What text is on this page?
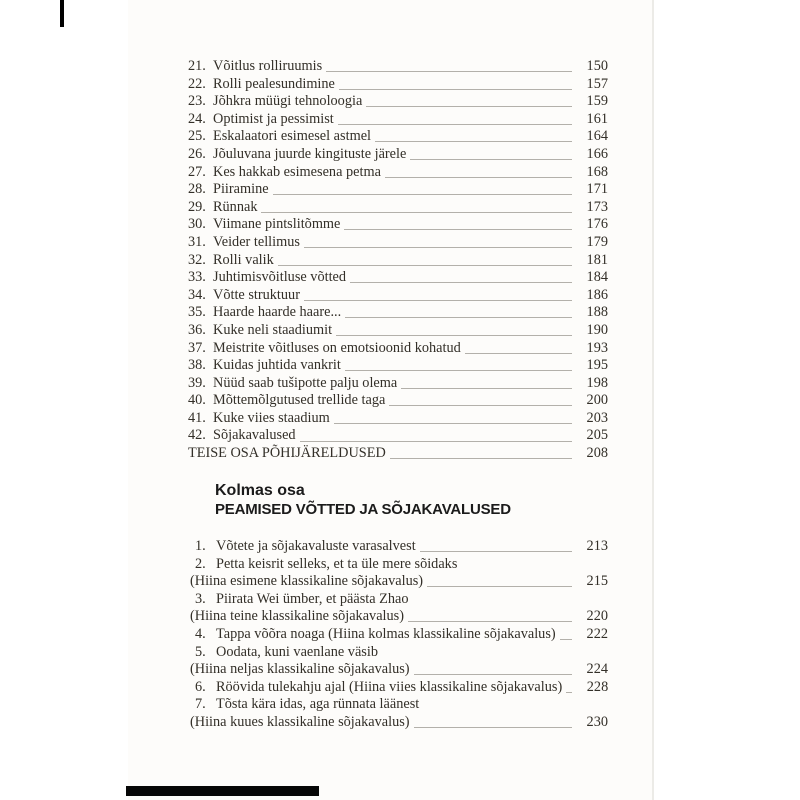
21. Võitlus rolliruumis	150
22. Rolli pealesundimine	157
23. Jõhkra müügi tehnoloogia	159
24. Optimist ja pessimist	161
25. Eskalaatori esimesel astmel	164
26. Jõuluvana juurde kingituste järele	166
27. Kes hakkab esimesena petma	168
28. Piiramine	171
29. Rünnak	173
30. Viimane pintslitõmme	176
31. Veider tellimus	179
32. Rolli valik	181
33. Juhtimisvõitluse võtted	184
34. Võtte struktuur	186
35. Haarde haarde haare...	188
36. Kuke neli staadiumit	190
37. Meistrite võitluses on emotsioonid kohatud	193
38. Kuidas juhtida vankrit	195
39. Nüüd saab tušipotte palju olema	198
40. Mõttemõlgutused trellide taga	200
41. Kuke viies staadium	203
42. Sõjakavalused	205
TEISE OSA PÕHIJÄRELDUSED	208
Kolmas osa
PEAMISED VÕTTED JA SÕJAKAVALUSED
1. Võtete ja sõjakavaluste varasalvest	213
2. Petta keisrit selleks, et ta üle mere sõidaks
(Hiina esimene klassikaline sõjakavalus)	215
3. Piirata Wei ümber, et päästa Zhao
(Hiina teine klassikaline sõjakavalus)	220
4. Tappa võõra noaga (Hiina kolmas klassikaline sõjakavalus)	222
5. Oodata, kuni vaenlane väsib
(Hiina neljas klassikaline sõjakavalus)	224
6. Röövida tulekahju ajal (Hiina viies klassikaline sõjakavalus)	228
7. Tõsta kära idas, aga rünnata läänest
(Hiina kuues klassikaline sõjakavalus)	230
